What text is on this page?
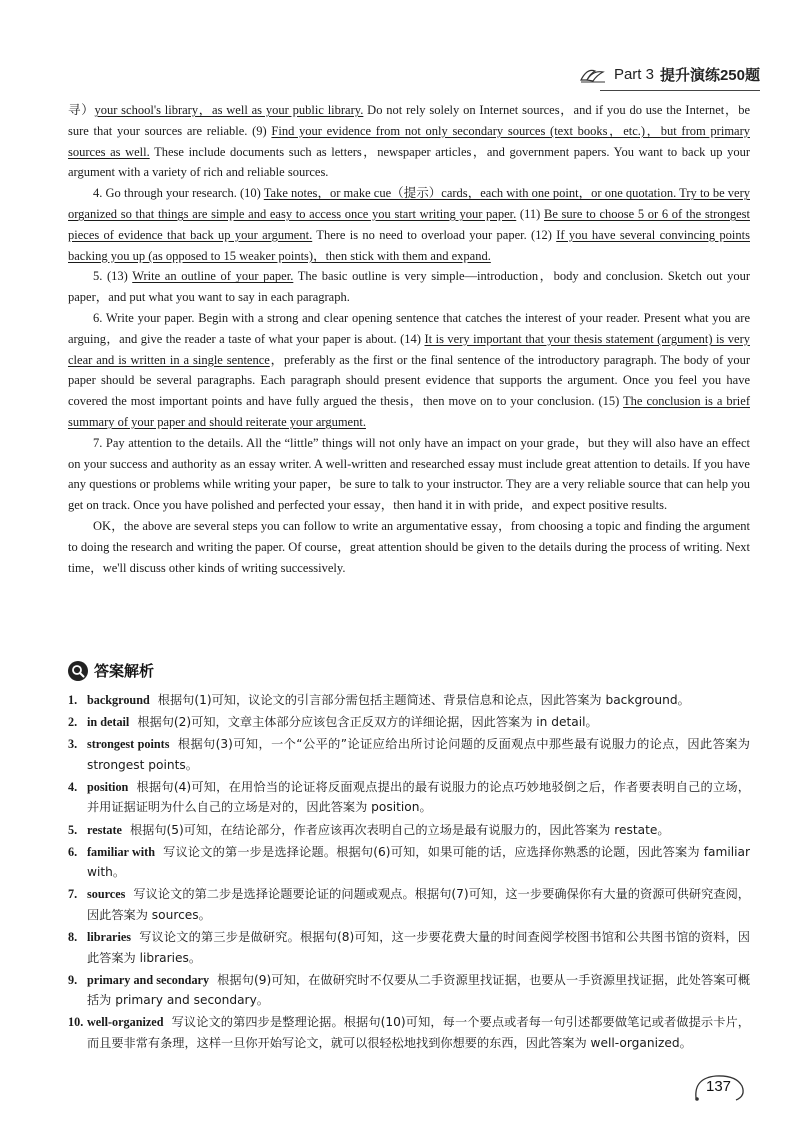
Part 3 提升演练250题

寻）your school's library，as well as your public library. Do not rely solely on Internet sources，and if you do use the Internet，be sure that your sources are reliable. (9) Find your evidence from not only secondary sources (text books，etc.)，but from primary sources as well. These include documents such as letters，newspaper articles，and government papers. You want to back up your argument with a variety of rich and reliable sources.

4. Go through your research. (10) Take notes，or make cue（提示）cards，each with one point，or one quotation. Try to be very organized so that things are simple and easy to access once you start writing your paper. (11) Be sure to choose 5 or 6 of the strongest pieces of evidence that back up your argument. There is no need to overload your paper. (12) If you have several convincing points backing you up (as opposed to 15 weaker points)，then stick with them and expand.

5. (13) Write an outline of your paper. The basic outline is very simple—introduction，body and conclusion. Sketch out your paper，and put what you want to say in each paragraph.

6. Write your paper. Begin with a strong and clear opening sentence that catches the interest of your reader. Present what you are arguing，and give the reader a taste of what your paper is about. (14) It is very important that your thesis statement (argument) is very clear and is written in a single sentence，preferably as the first or the final sentence of the introductory paragraph. The body of your paper should be several paragraphs. Each paragraph should present evidence that supports the argument. Once you feel you have covered the most important points and have fully argued the thesis，then move on to your conclusion. (15) The conclusion is a brief summary of your paper and should reiterate your argument.

7. Pay attention to the details. All the “little” things will not only have an impact on your grade，but they will also have an effect on your success and authority as an essay writer. A well-written and researched essay must include great attention to details. If you have any questions or problems while writing your paper，be sure to talk to your instructor. They are a very reliable source that can help you get on track. Once you have polished and perfected your essay，then hand it in with pride，and expect positive results.

OK，the above are several steps you can follow to write an argumentative essay，from choosing a topic and finding the argument to doing the research and writing the paper. Of course，great attention should be given to the details during the process of writing. Next time，we'll discuss other kinds of writing successively.

答案解析
1. background 根据句(1)可知，议论文的引言部分需包括主题简述、背景信息和论点，因此答案为 background。
2. in detail 根据句(2)可知，文章主体部分应该包含正反双方的详细论据，因此答案为 in detail。
3. strongest points 根据句(3)可知，一个“公平的”论证应给出所讨论问题的反面观点中那些最有说服力的论点，因此答案为 strongest points。
4. position 根据句(4)可知，在用恰当的论证将反面观点提出的最有说服力的论点巧妙地驳倒之后，作者要表明自己的立场，并用证据证明为什么自己的立场是对的，因此答案为 position。
5. restate 根据句(5)可知，在结论部分，作者应该再次表明自己的立场是最有说服力的，因此答案为 restate。
6. familiar with 写议论文的第一步是选择论题。根据句(6)可知，如果可能的话，应选择你熟悉的论题，因此答案为 familiar with。
7. sources 写议论文的第二步是选择论题要论证的问题或观点。根据句(7)可知，这一步要确保你有大量的资源可供研究查阅，因此答案为 sources。
8. libraries 写议论文的第三步是做研究。根据句(8)可知，这一步要花费大量的时间查阅学校图书馆和公共图书馆的资料，因此答案为 libraries。
9. primary and secondary 根据句(9)可知，在做研究时不仅要从二手资源里找证据，也要从一手资源里找证据，此处答案可概括为 primary and secondary。
10. well-organized 写议论文的第四步是整理论据。根据句(10)可知，每一个要点或者每一句引述都要做笔记或者做提示卡片，而且要非常有条理，这样一旦你开始写论文，就可以很轻松地找到你想要的东西，因此答案为 well-organized。
137
